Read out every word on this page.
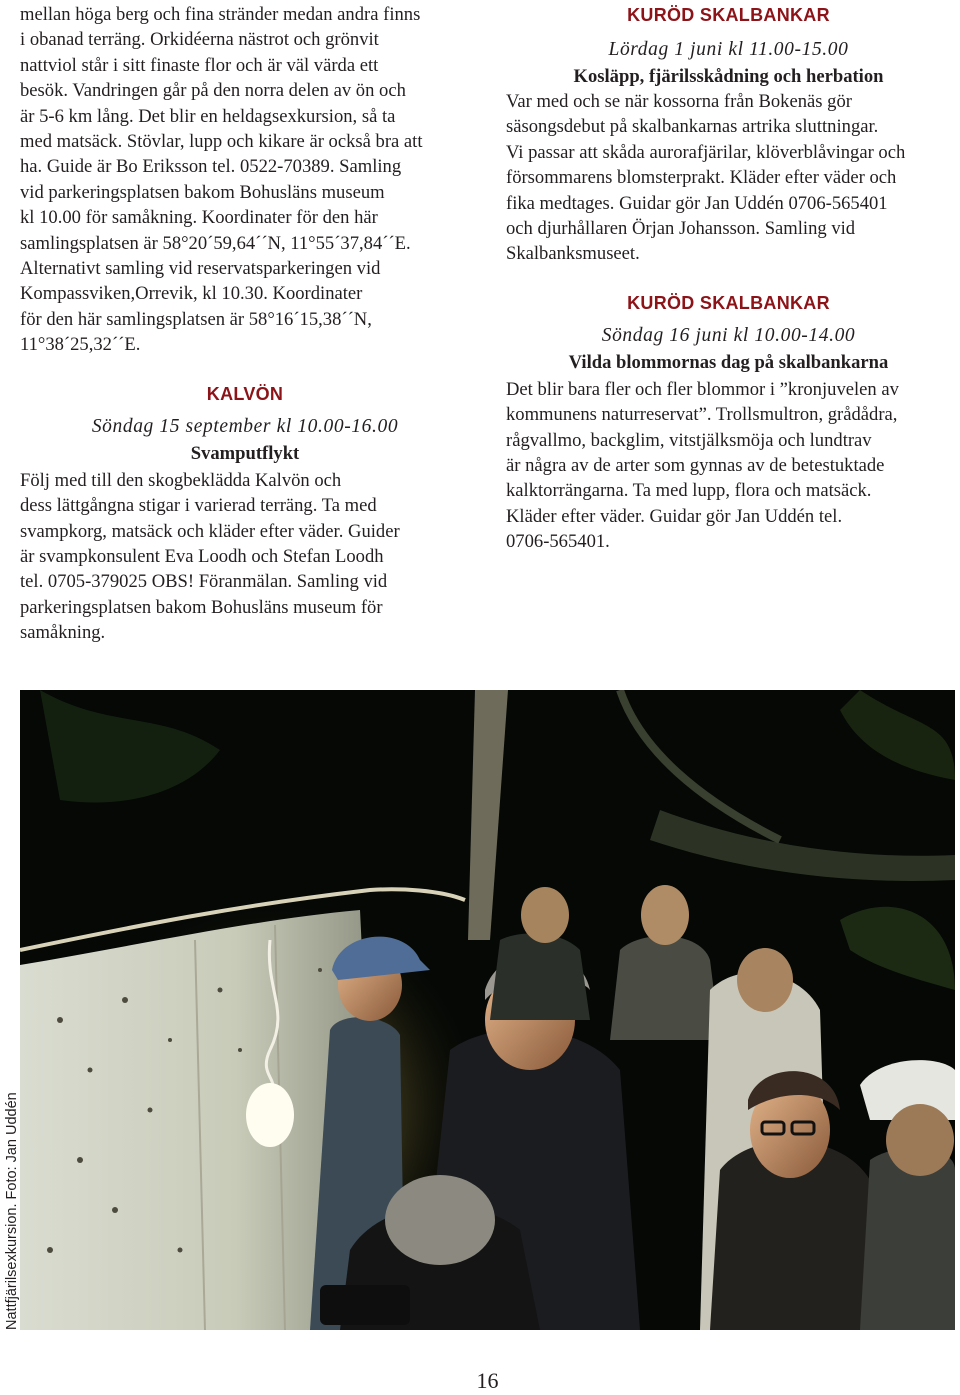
mellan höga berg och fina stränder medan andra finns

i obanad terräng. Orkidéerna nästrot och grönvit

nattviol står i sitt finaste flor och är väl värda ett

besök. Vandringen går på den norra delen av ön och

är 5-6 km lång. Det blir en heldagsexkursion, så ta

med matsäck. Stövlar, lupp och kikare är också bra att

ha. Guide är Bo Eriksson tel. 0522-70389. Samling

vid parkeringsplatsen bakom Bohusläns museum

kl 10.00 för samåkning. Koordinater för den här

samlingsplatsen är 58°20´59,64´´N, 11°55´37,84´´E.

Alternativt samling vid reservatsparkeringen vid

Kompassviken,Orrevik, kl 10.30. Koordinater

för den här samlingsplatsen är 58°16´15,38´´N,

11°38´25,32´´E.

KALVÖN

Söndag 15 september kl 10.00-16.00

Svamputflykt

Följ med till den skogbeklädda Kalvön och

dess lättgångna stigar i varierad terräng. Ta med

svampkorg, matsäck och kläder efter väder. Guider

är svampkonsulent Eva Loodh och Stefan Loodh

tel. 0705-379025 OBS! Föranmälan. Samling vid

parkeringsplatsen bakom Bohusläns museum för

samåkning.

KURÖD SKALBANKAR

Lördag 1 juni kl 11.00-15.00

Kosläpp, fjärilsskådning och herbation

Var med och se när kossorna från Bokenäs gör

säsongsdebut på skalbankarnas artrika sluttningar.

Vi passar att skåda aurorafjärilar, klöverblåvingar och

försommarens blomsterprakt. Kläder efter väder och

fika medtages. Guidar gör Jan Uddén 0706-565401

och djurhållaren Örjan Johansson. Samling vid

Skalbanksmuseet.

KURÖD SKALBANKAR

Söndag 16 juni kl 10.00-14.00

Vilda blommornas dag på skalbankarna

Det blir bara fler och fler blommor i ”kronjuvelen av

kommunens naturreservat”. Trollsmultron, grådådra,

rågvallmo, backglim, vitstjälksmöja och lundtrav

är några av de arter som gynnas av de betestuktade

kalktorrängarna. Ta med lupp, flora och matsäck.

Kläder efter väder. Guidar gör Jan Uddén tel.

0706-565401.

Nattfjärilsexkursion. Foto: Jan Uddén
16
